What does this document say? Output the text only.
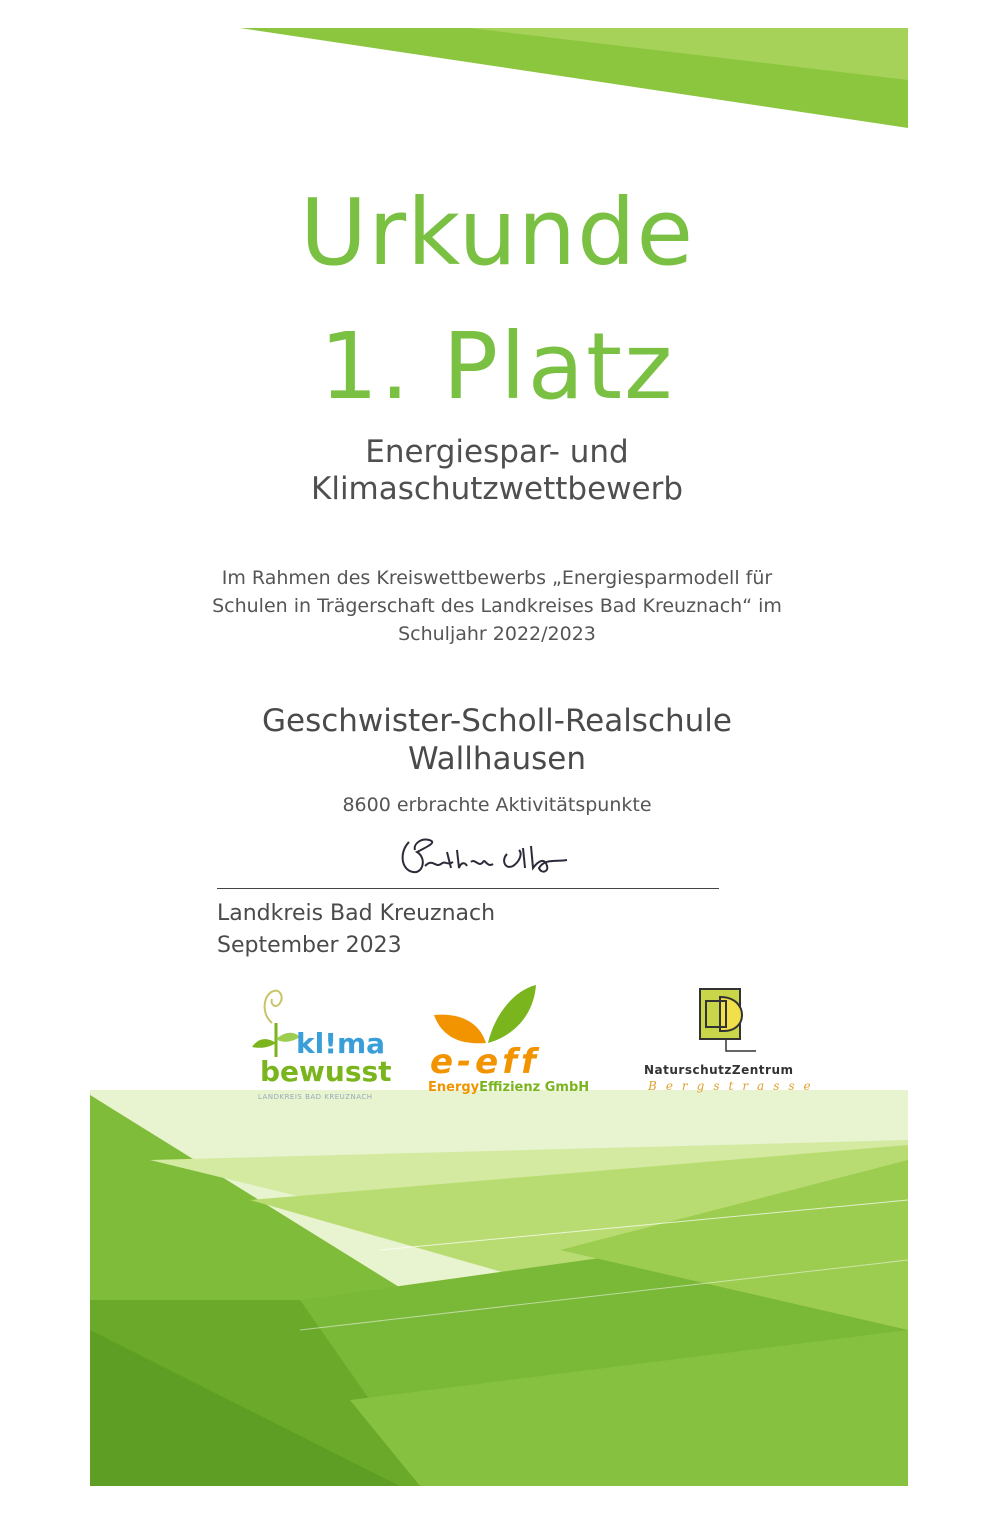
Urkunde
1. Platz
Energiespar- und
Klimaschutzwettbewerb
Im Rahmen des Kreiswettbewerbs „Energiesparmodell für
Schulen in Trägerschaft des Landkreises Bad Kreuznach“ im
Schuljahr 2022/2023
Geschwister-Scholl-Realschule
Wallhausen
8600 erbrachte Aktivitätspunkte
Landkreis Bad Kreuznach
September 2023
kl!ma
bewusst
LANDKREIS BAD KREUZNACH
e-eff
EnergyEffizienz GmbH
NaturschutzZentrum
Bergstrasse
